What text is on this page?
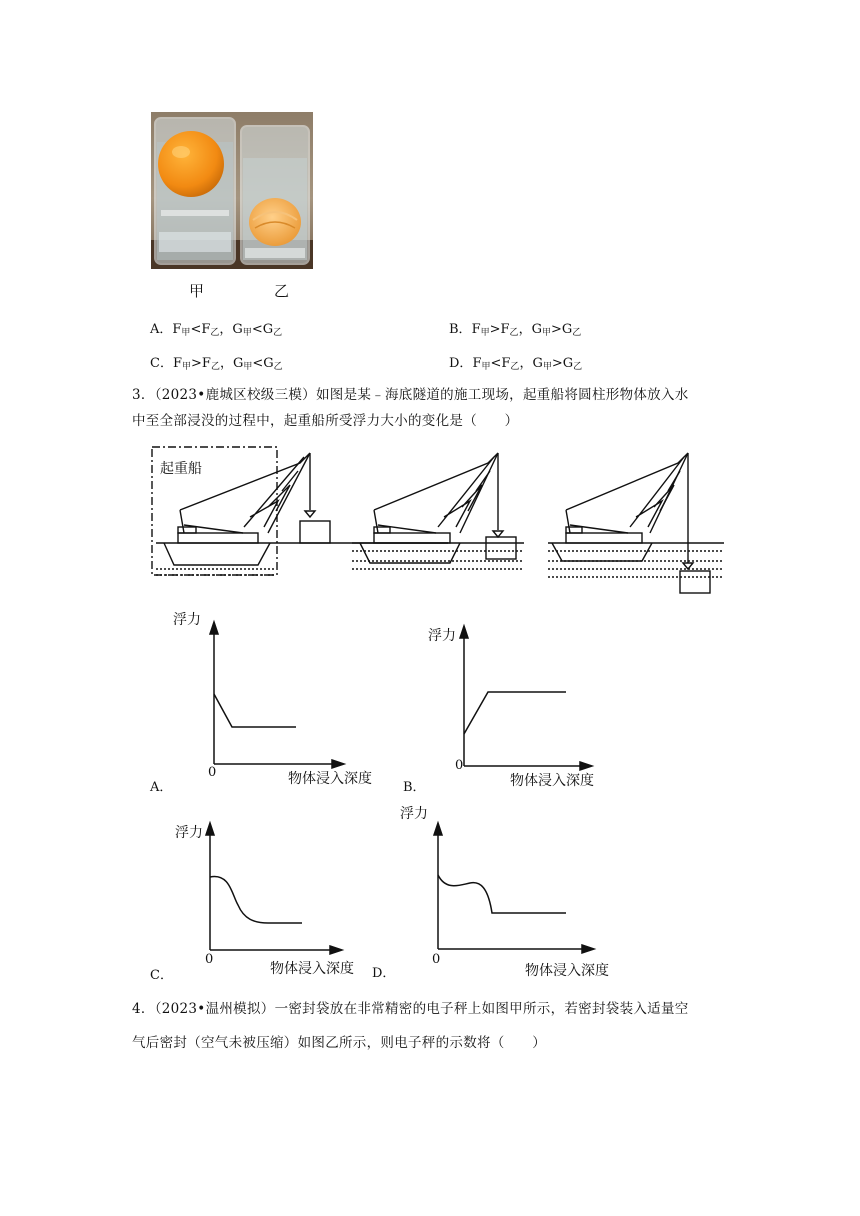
甲	乙
A．$F_甲<F_乙$，$G_甲<G_乙$	B．$F_甲>F_乙$，$G_甲>G_乙$
C．$F_甲>F_乙$，$G_甲<G_乙$	D．$F_甲<F_乙$，$G_甲>G_乙$
3．（2023•鹿城区校级三模）如图是某﹣海底隧道的施工现场，起重船将圆柱形物体放入水
中至全部浸没的过程中，起重船所受浮力大小的变化是（　　）
起重船
浮力
0	物体浸入深度
A．
浮力
0
物体浸入深度
B．
浮力
0
物体浸入深度
C．
浮力
0
物体浸入深度
D．
4．（2023•温州模拟）一密封袋放在非常精密的电子秤上如图甲所示，若密封袋装入适量空
气后密封（空气未被压缩）如图乙所示，则电子秤的示数将（　　）
